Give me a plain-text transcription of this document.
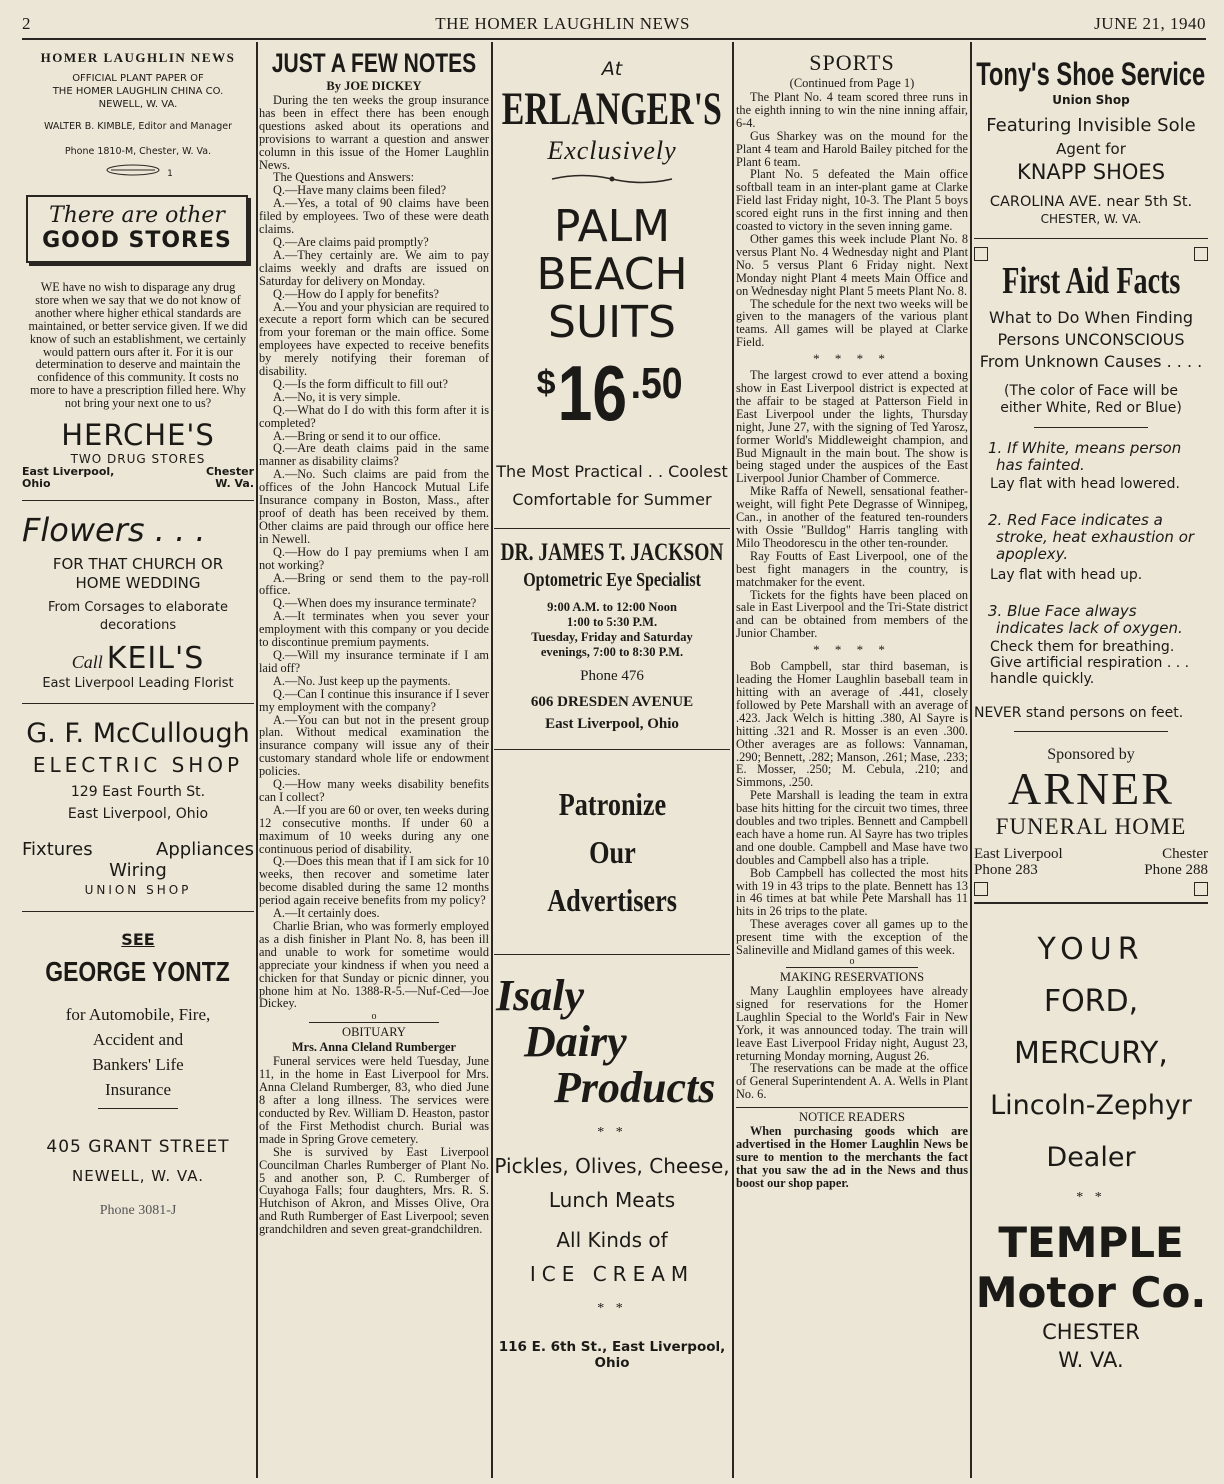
2	THE HOMER LAUGHLIN NEWS	JUNE 21, 1940
HOMER LAUGHLIN NEWS
OFFICIAL PLANT PAPER OF
THE HOMER LAUGHLIN CHINA CO.
NEWELL, W. VA.
WALTER B. KIMBLE, Editor and Manager
Phone 1810-M, Chester, W. Va.
1
There are other
GOOD STORES
WE have no wish to disparage any drug store when we say that we do not know of another where higher ethical standards are maintained, or better service given. If we did know of such an establishment, we certainly would pattern ours after it. For it is our determination to deserve and maintain the confidence of this community. It costs no more to have a prescription filled here. Why not bring your next one to us?
HERCHE'S
TWO DRUG STORES
East Liverpool, Ohio
Chester W. Va.
Flowers . . .
FOR THAT CHURCH OR
HOME WEDDING
From Corsages to elaborate
decorations
Call KEIL'S
East Liverpool Leading Florist
G. F. McCullough
ELECTRIC SHOP
129 East Fourth St.
East Liverpool, Ohio
Fixtures	Appliances
Wiring
UNION SHOP
SEE GEORGE YONTZ
for Automobile, Fire,
Accident and
Bankers' Life
Insurance
405 GRANT STREET
NEWELL, W. VA.
Phone 3081-J
JUST A FEW NOTES
By JOE DICKEY

During the ten weeks the group insurance has been in effect there has been enough questions asked about its operations and provisions to warrant a question and answer column in this issue of the Homer Laughlin News.

The Questions and Answers:

Q.—Have many claims been filed?

A.—Yes, a total of 90 claims have been filed by employees. Two of these were death claims.

Q.—Are claims paid promptly?

A.—They certainly are. We aim to pay claims weekly and drafts are issued on Saturday for delivery on Monday.

Q.—How do I apply for benefits?

A.—You and your physician are required to execute a report form which can be secured from your foreman or the main office. Some employees have expected to receive benefits by merely notifying their foreman of disability.

Q.—Is the form difficult to fill out?

A.—No, it is very simple.

Q.—What do I do with this form after it is completed?

A.—Bring or send it to our office.

Q.—Are death claims paid in the same manner as disability claims?

A.—No. Such claims are paid from the offices of the John Hancock Mutual Life Insurance company in Boston, Mass., after proof of death has been received by them. Other claims are paid through our office here in Newell.

Q.—How do I pay premiums when I am not working?

A.—Bring or send them to the pay-roll office.

Q.—When does my insurance terminate?

A.—It terminates when you sever your employment with this company or you decide to discontinue premium payments.

Q.—Will my insurance terminate if I am laid off?

A.—No. Just keep up the payments.

Q.—Can I continue this insurance if I sever my employment with the company?

A.—You can but not in the present group plan. Without medical examination the insurance company will issue any of their customary standard whole life or endowment policies.

Q.—How many weeks disability benefits can I collect?

A.—If you are 60 or over, ten weeks during 12 consecutive months. If under 60 a maximum of 10 weeks during any one continuous period of disability.

Q.—Does this mean that if I am sick for 10 weeks, then recover and sometime later become disabled during the same 12 months period again receive benefits from my policy?

A.—It certainly does.

Charlie Brian, who was formerly employed as a dish finisher in Plant No. 8, has been ill and unable to work for sometime would appreciate your kindness if when you need a chicken for that Sunday or picnic dinner, you phone him at No. 1388-R-5.—Nuf-Ced—Joe Dickey.

o
OBITUARY
Mrs. Anna Cleland Rumberger

Funeral services were held Tuesday, June 11, in the home in East Liverpool for Mrs. Anna Cleland Rumberger, 83, who died June 8 after a long illness. The services were conducted by Rev. William D. Heaston, pastor of the First Methodist church. Burial was made in Spring Grove cemetery.

She is survived by East Liverpool Councilman Charles Rumberger of Plant No. 5 and another son, P. C. Rumberger of Cuyahoga Falls; four daughters, Mrs. R. S. Hutchison of Akron, and Misses Olive, Ora and Ruth Rumberger of East Liverpool; seven grandchildren and seven great-grandchildren.

At
ERLANGER'S
Exclusively
PALM
BEACH
SUITS
$16.50
The Most Practical . . Coolest
Comfortable for Summer
DR. JAMES T. JACKSON
Optometric Eye Specialist
9:00 A.M. to 12:00 Noon
1:00 to 5:30 P.M.
Tuesday, Friday and Saturday
evenings, 7:00 to 8:30 P.M.
Phone 476
606 DRESDEN AVENUE
East Liverpool, Ohio
Patronize
Our
Advertisers
Isaly
Dairy
Products
* *
Pickles, Olives, Cheese,
Lunch Meats
All Kinds of
ICE CREAM
* *
116 E. 6th St., East Liverpool, Ohio
SPORTS
(Continued from Page 1)

The Plant No. 4 team scored three runs in the eighth inning to win the nine inning affair, 6-4.

Gus Sharkey was on the mound for the Plant 4 team and Harold Bailey pitched for the Plant 6 team.

Plant No. 5 defeated the Main office softball team in an inter-plant game at Clarke Field last Friday night, 10-3. The Plant 5 boys scored eight runs in the first inning and then coasted to victory in the seven inning game.

Other games this week include Plant No. 8 versus Plant No. 4 Wednesday night and Plant No. 5 versus Plant 6 Friday night. Next Monday night Plant 4 meets Main Office and on Wednesday night Plant 5 meets Plant No. 8.

The schedule for the next two weeks will be given to the managers of the various plant teams. All games will be played at Clarke Field.

* * * *

The largest crowd to ever attend a boxing show in East Liverpool district is expected at the affair to be staged at Patterson Field in East Liverpool under the lights, Thursday night, June 27, with the signing of Ted Yarosz, former World's Middleweight champion, and Bud Mignault in the main bout. The show is being staged under the auspices of the East Liverpool Junior Chamber of Commerce.

Mike Raffa of Newell, sensational feather-weight, will fight Pete Degrasse of Winnipeg, Can., in another of the featured ten-rounders with Ossie "Bulldog" Harris tangling with Milo Theodorescu in the other ten-rounder.

Ray Foutts of East Liverpool, one of the best fight managers in the country, is matchmaker for the event.

Tickets for the fights have been placed on sale in East Liverpool and the Tri-State district and can be obtained from members of the Junior Chamber.

* * * *

Bob Campbell, star third baseman, is leading the Homer Laughlin baseball team in hitting with an average of .441, closely followed by Pete Marshall with an average of .423. Jack Welch is hitting .380, Al Sayre is hitting .321 and R. Mosser is an even .300. Other averages are as follows: Vannaman, .290; Bennett, .282; Manson, .261; Mase, .233; E. Mosser, .250; M. Cebula, .210; and Simmons, .250.

Pete Marshall is leading the team in extra base hits hitting for the circuit two times, three doubles and two triples. Bennett and Campbell each have a home run. Al Sayre has two triples and one double. Campbell and Mase have two doubles and Campbell also has a triple.

Bob Campbell has collected the most hits with 19 in 43 trips to the plate. Bennett has 13 in 46 times at bat while Pete Marshall has 11 hits in 26 trips to the plate.

These averages cover all games up to the present time with the exception of the Salineville and Midland games of this week.

o
MAKING RESERVATIONS

Many Laughlin employees have already signed for reservations for the Homer Laughlin Special to the World's Fair in New York, it was announced today. The train will leave East Liverpool Friday night, August 23, returning Monday morning, August 26.

The reservations can be made at the office of General Superintendent A. A. Wells in Plant No. 6.

NOTICE READERS
When purchasing goods which are advertised in the Homer Laughlin News be sure to mention to the merchants the fact that you saw the ad in the News and thus boost our shop paper.
Tony's Shoe Service
Union Shop
Featuring Invisible Sole
Agent for
KNAPP SHOES
CAROLINA AVE. near 5th St.
CHESTER, W. VA.
First Aid Facts
What to Do When Finding
Persons UNCONSCIOUS
From Unknown Causes . . . .
(The color of Face will be
either White, Red or Blue)
1. If White, means person has fainted.
Lay flat with head lowered.
2. Red Face indicates a stroke, heat exhaustion or apoplexy.
Lay flat with head up.
3. Blue Face always indicates lack of oxygen.
Check them for breathing. Give artificial respiration . . . handle quickly.
NEVER stand persons on feet.
Sponsored by
ARNER
FUNERAL HOME
East Liverpool
Phone 283
Chester
Phone 288
YOUR
FORD,
MERCURY,
Lincoln-Zephyr
Dealer
* *
TEMPLE
Motor Co.
CHESTER
W. VA.
